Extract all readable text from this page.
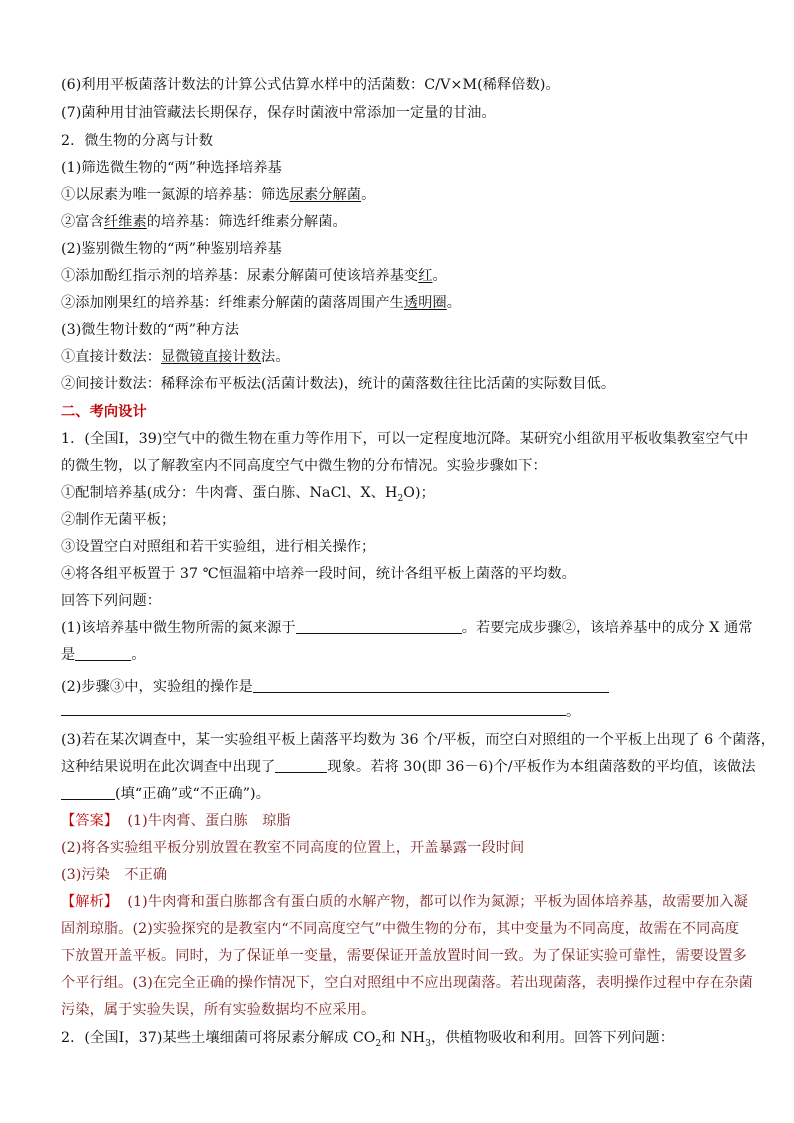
(6)利用平板菌落计数法的计算公式估算水样中的活菌数：C/V×M(稀释倍数)。
(7)菌种用甘油管藏法长期保存，保存时菌液中常添加一定量的甘油。
2．微生物的分离与计数
(1)筛选微生物的“两”种选择培养基
①以尿素为唯一氮源的培养基：筛选尿素分解菌。
②富含纤维素的培养基：筛选纤维素分解菌。
(2)鉴别微生物的“两”种鉴别培养基
①添加酚红指示剂的培养基：尿素分解菌可使该培养基变红。
②添加刚果红的培养基：纤维素分解菌的菌落周围产生透明圈。
(3)微生物计数的“两”种方法
①直接计数法：显微镜直接计数法。
②间接计数法：稀释涂布平板法(活菌计数法)，统计的菌落数往往比活菌的实际数目低。
二、考向设计
1．(全国Ⅰ，39)空气中的微生物在重力等作用下，可以一定程度地沉降。某研究小组欲用平板收集教室空气中
的微生物，以了解教室内不同高度空气中微生物的分布情况。实验步骤如下：
①配制培养基(成分：牛肉膏、蛋白胨、NaCl、X、$H_2O$)；
②制作无菌平板；
③设置空白对照组和若干实验组，进行相关操作；
④将各组平板置于 37 ℃恒温箱中培养一段时间，统计各组平板上菌落的平均数。
回答下列问题：
(1)该培养基中微生物所需的氮来源于	。若要完成步骤②，该培养基中的成分 X 通常
是	。
(2)步骤③中，实验组的操作是
。
(3)若在某次调查中，某一实验组平板上菌落平均数为 36 个/平板，而空白对照组的一个平板上出现了 6 个菌落，
这种结果说明在此次调查中出现了	现象。若将 30(即 36－6)个/平板作为本组菌落数的平均值，该做法
(填“正确”或“不正确”)。
【答案】 (1)牛肉膏、蛋白胨　琼脂
(2)将各实验组平板分别放置在教室不同高度的位置上，开盖暴露一段时间
(3)污染　不正确
【解析】 (1)牛肉膏和蛋白胨都含有蛋白质的水解产物，都可以作为氮源；平板为固体培养基，故需要加入凝
固剂琼脂。(2)实验探究的是教室内“不同高度空气”中微生物的分布，其中变量为不同高度，故需在不同高度
下放置开盖平板。同时，为了保证单一变量，需要保证开盖放置时间一致。为了保证实验可靠性，需要设置多
个平行组。(3)在完全正确的操作情况下，空白对照组中不应出现菌落。若出现菌落，表明操作过程中存在杂菌
污染，属于实验失误，所有实验数据均不应采用。
2．(全国Ⅰ，37)某些土壤细菌可将尿素分解成 $CO_2$和 $NH_3$，供植物吸收和利用。回答下列问题：
